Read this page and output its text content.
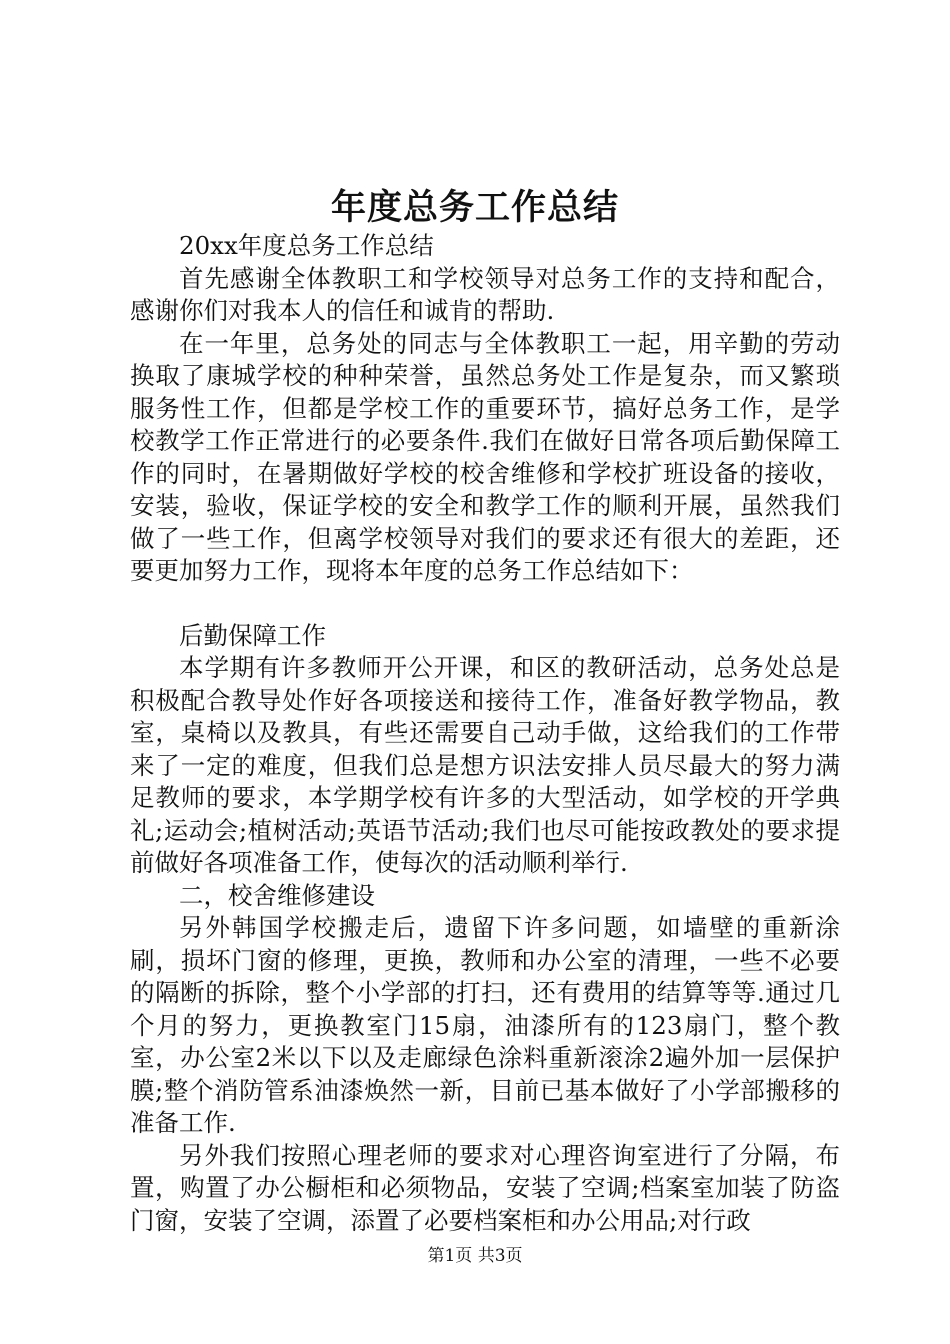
年度总务工作总结

20xx年度总务工作总结

首先感谢全体教职工和学校领导对总务工作的支持和配合，感谢你们对我本人的信任和诚肯的帮助.

在一年里，总务处的同志与全体教职工一起，用辛勤的劳动换取了康城学校的种种荣誉，虽然总务处工作是复杂，而又繁琐服务性工作，但都是学校工作的重要环节，搞好总务工作，是学校教学工作正常进行的必要条件.我们在做好日常各项后勤保障工作的同时，在暑期做好学校的校舍维修和学校扩班设备的接收，安装，验收，保证学校的安全和教学工作的顺利开展，虽然我们做了一些工作，但离学校领导对我们的要求还有很大的差距，还要更加努力工作，现将本年度的总务工作总结如下：

后勤保障工作

本学期有许多教师开公开课，和区的教研活动，总务处总是积极配合教导处作好各项接送和接待工作，准备好教学物品，教室，桌椅以及教具，有些还需要自己动手做，这给我们的工作带来了一定的难度，但我们总是想方识法安排人员尽最大的努力满足教师的要求，本学期学校有许多的大型活动，如学校的开学典礼;运动会;植树活动;英语节活动;我们也尽可能按政教处的要求提前做好各项准备工作，使每次的活动顺利举行.

二，校舍维修建设

另外韩国学校搬走后，遗留下许多问题，如墙壁的重新涂刷，损坏门窗的修理，更换，教师和办公室的清理，一些不必要的隔断的拆除，整个小学部的打扫，还有费用的结算等等.通过几个月的努力，更换教室门15扇，油漆所有的123扇门，整个教室，办公室2米以下以及走廊绿色涂料重新滚涂2遍外加一层保护膜;整个消防管系油漆焕然一新，目前已基本做好了小学部搬移的准备工作.

另外我们按照心理老师的要求对心理咨询室进行了分隔，布置，购置了办公橱柜和必须物品，安装了空调;档案室加装了防盗门窗，安装了空调，添置了必要档案柜和办公用品;对行政

第1页 共3页
